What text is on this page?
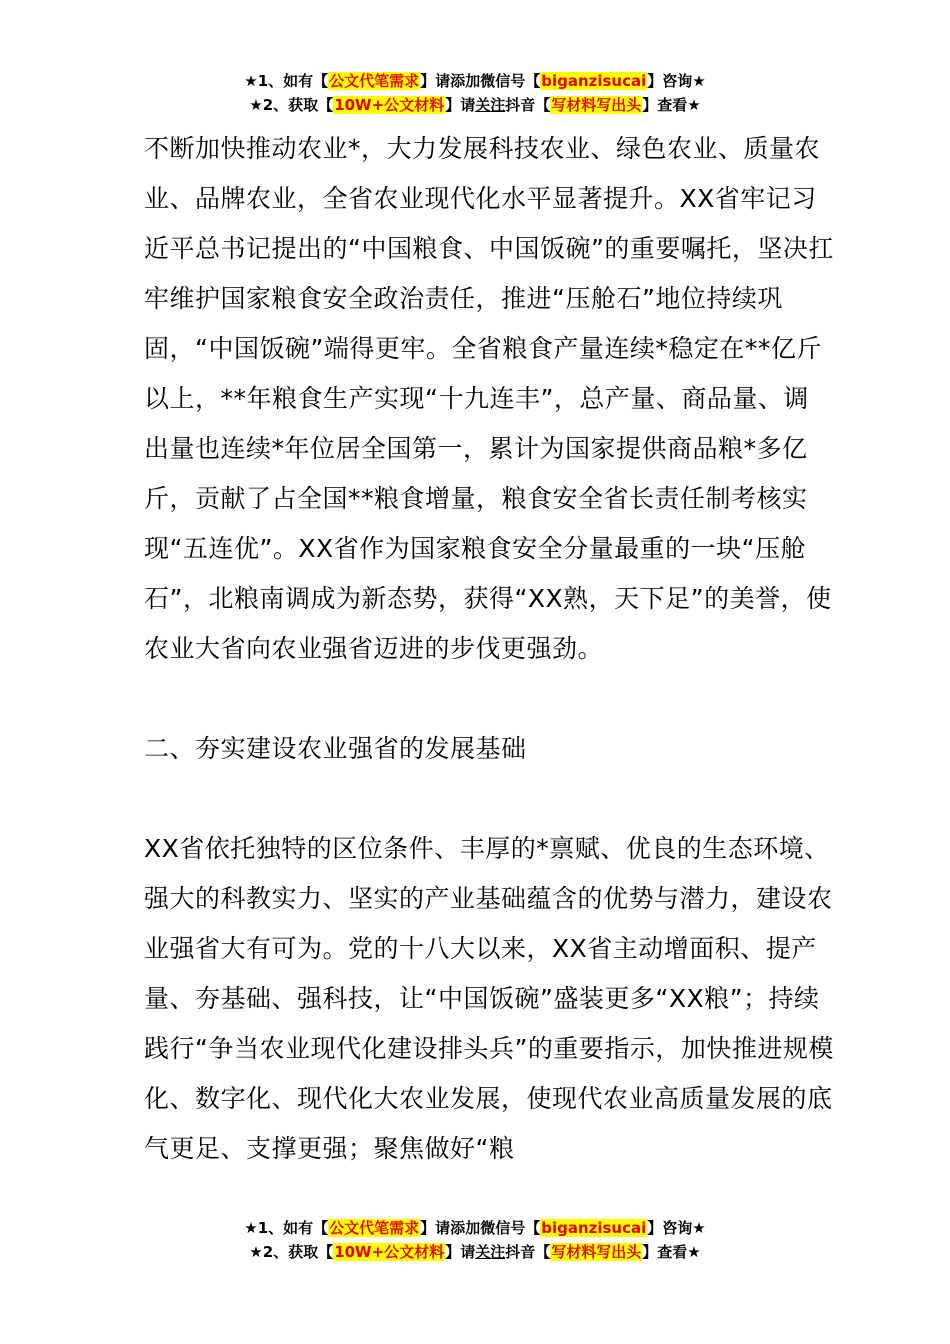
★1、如有【公文代笔需求】请添加微信号【biganzisucai】咨询★
★2、获取【10W+公文材料】请关注抖音【写材料写出头】查看★

不断加快推动农业*，大力发展科技农业、绿色农业、质量农业、品牌农业，全省农业现代化水平显著提升。XX省牢记习近平总书记提出的“中国粮食、中国饭碗”的重要嘱托，坚决扛牢维护国家粮食安全政治责任，推进“压舱石”地位持续巩固，“中国饭碗”端得更牢。全省粮食产量连续*稳定在**亿斤以上，**年粮食生产实现“十九连丰”，总产量、商品量、调出量也连续*年位居全国第一，累计为国家提供商品粮*多亿斤，贡献了占全国**粮食增量，粮食安全省长责任制考核实现“五连优”。XX省作为国家粮食安全分量最重的一块“压舱石”，北粮南调成为新态势，获得“XX熟，天下足”的美誉，使农业大省向农业强省迈进的步伐更强劲。

二、夯实建设农业强省的发展基础

XX省依托独特的区位条件、丰厚的*禀赋、优良的生态环境、强大的科教实力、坚实的产业基础蕴含的优势与潜力，建设农业强省大有可为。党的十八大以来，XX省主动增面积、提产量、夯基础、强科技，让“中国饭碗”盛装更多“XX粮”；持续践行“争当农业现代化建设排头兵”的重要指示，加快推进规模化、数字化、现代化大农业发展，使现代农业高质量发展的底气更足、支撑更强；聚焦做好“粮

★1、如有【公文代笔需求】请添加微信号【biganzisucai】咨询★
★2、获取【10W+公文材料】请关注抖音【写材料写出头】查看★
